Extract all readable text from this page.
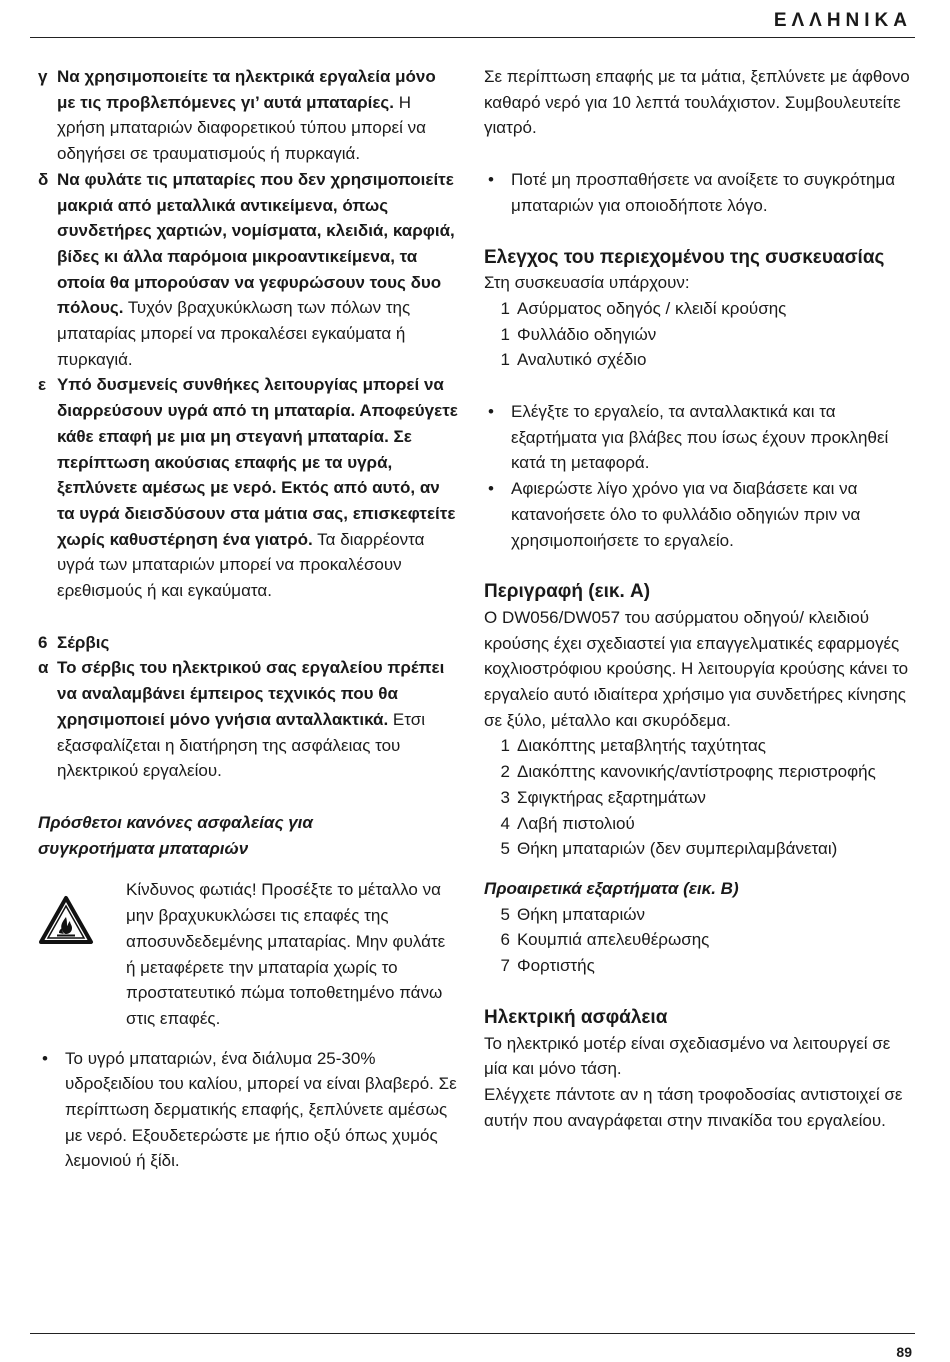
ΕΛΛΗΝΙΚΑ
γ Να χρησιμοποιείτε τα ηλεκτρικά εργαλεία μόνο με τις προβλεπόμενες γι’ αυτά μπαταρίες. Η χρήση μπαταριών διαφορετικού τύπου μπορεί να οδηγήσει σε τραυματισμούς ή πυρκαγιά.
δ Να φυλάτε τις μπαταρίες που δεν χρησιμοποιείτε μακριά από μεταλλικά αντικείμενα, όπως συνδετήρες χαρτιών, νομίσματα, κλειδιά, καρφιά, βίδες κι άλλα παρόμοια μικροαντικείμενα, τα οποία θα μπορούσαν να γεφυρώσουν τους δυο πόλους. Τυχόν βραχυκύκλωση των πόλων της μπαταρίας μπορεί να προκαλέσει εγκαύματα ή πυρκαγιά.
ε Υπό δυσμενείς συνθήκες λειτουργίας μπορεί να διαρρεύσουν υγρά από τη μπαταρία. Αποφεύγετε κάθε επαφή με μια μη στεγανή μπαταρία. Σε περίπτωση ακούσιας επαφής με τα υγρά, ξεπλύνετε αμέσως με νερό. Εκτός από αυτό, αν τα υγρά διεισδύσουν στα μάτια σας, επισκεφτείτε χωρίς καθυστέρηση ένα γιατρό. Τα διαρρέοντα υγρά των μπαταριών μπορεί να προκαλέσουν ερεθισμούς ή και εγκαύματα.
6 Σέρβις
α Το σέρβις του ηλεκτρικού σας εργαλείου πρέπει να αναλαμβάνει έμπειρος τεχνικός που θα χρησιμοποιεί μόνο γνήσια ανταλλακτικά. Ετσι εξασφαλίζεται η διατήρηση της ασφάλειας του ηλεκτρικού εργαλείου.
Πρόσθετοι κανόνες ασφαλείας για συγκροτήματα μπαταριών
Κίνδυνος φωτιάς! Προσέξτε το μέταλλο να μην βραχυκυκλώσει τις επαφές της αποσυνδεδεμένης μπαταρίας. Μην φυλάτε ή μεταφέρετε την μπαταρία χωρίς το προστατευτικό πώμα τοποθετημένο πάνω στις επαφές.
•	Το υγρό μπαταριών, ένα διάλυμα 25-30% υδροξειδίου του καλίου, μπορεί να είναι βλαβερό. Σε περίπτωση δερματικής επαφής, ξεπλύνετε αμέσως με νερό. Εξουδετερώστε με ήπιο οξύ όπως χυμός λεμονιού ή ξίδι.
Σε περίπτωση επαφής με τα μάτια, ξεπλύνετε με άφθονο καθαρό νερό για 10 λεπτά τουλάχιστον. Συμβουλευτείτε γιατρό.
•	Ποτέ μη προσπαθήσετε να ανοίξετε το συγκρότημα μπαταριών για οποιοδήποτε λόγο.
Ελεγχος του περιεχομένου της συσκευασίας
Στη συσκευασία υπάρχουν:
1 Ασύρματος οδηγός / κλειδί κρούσης
1 Φυλλάδιο οδηγιών
1 Αναλυτικό σχέδιο
•	Ελέγξτε το εργαλείο, τα ανταλλακτικά και τα εξαρτήματα για βλάβες που ίσως έχουν προκληθεί κατά τη μεταφορά.
•	Αφιερώστε λίγο χρόνο για να διαβάσετε και να κατανοήσετε όλο το φυλλάδιο οδηγιών πριν να χρησιμοποιήσετε το εργαλείο.
Περιγραφή (εικ. A)
O DW056/DW057 του ασύρματου οδηγού/ κλειδιού κρούσης έχει σχεδιαστεί για επαγγελματικές εφαρμογές κοχλιοστρόφιου κρούσης. Η λειτουργία κρούσης κάνει το εργαλείο αυτό ιδιαίτερα χρήσιμο για συνδετήρες κίνησης σε ξύλο, μέταλλο και σκυρόδεμα.
1 Διακόπτης μεταβλητής ταχύτητας
2 Διακόπτης κανονικής/αντίστροφης περιστροφής
3 Σφιγκτήρας εξαρτημάτων
4 Λαβή πιστολιού
5 Θήκη μπαταριών (δεν συμπεριλαμβάνεται)
Προαιρετικά εξαρτήματα (εικ. B)
5 Θήκη μπαταριών
6 Κουμπιά απελευθέρωσης
7 Φορτιστής
Ηλεκτρική ασφάλεια
Το ηλεκτρικό μοτέρ είναι σχεδιασμένο να λειτουργεί σε μία και μόνο τάση.
Ελέγχετε πάντοτε αν η τάση τροφοδοσίας αντιστοιχεί σε αυτήν που αναγράφεται στην πινακίδα του εργαλείου.
89
